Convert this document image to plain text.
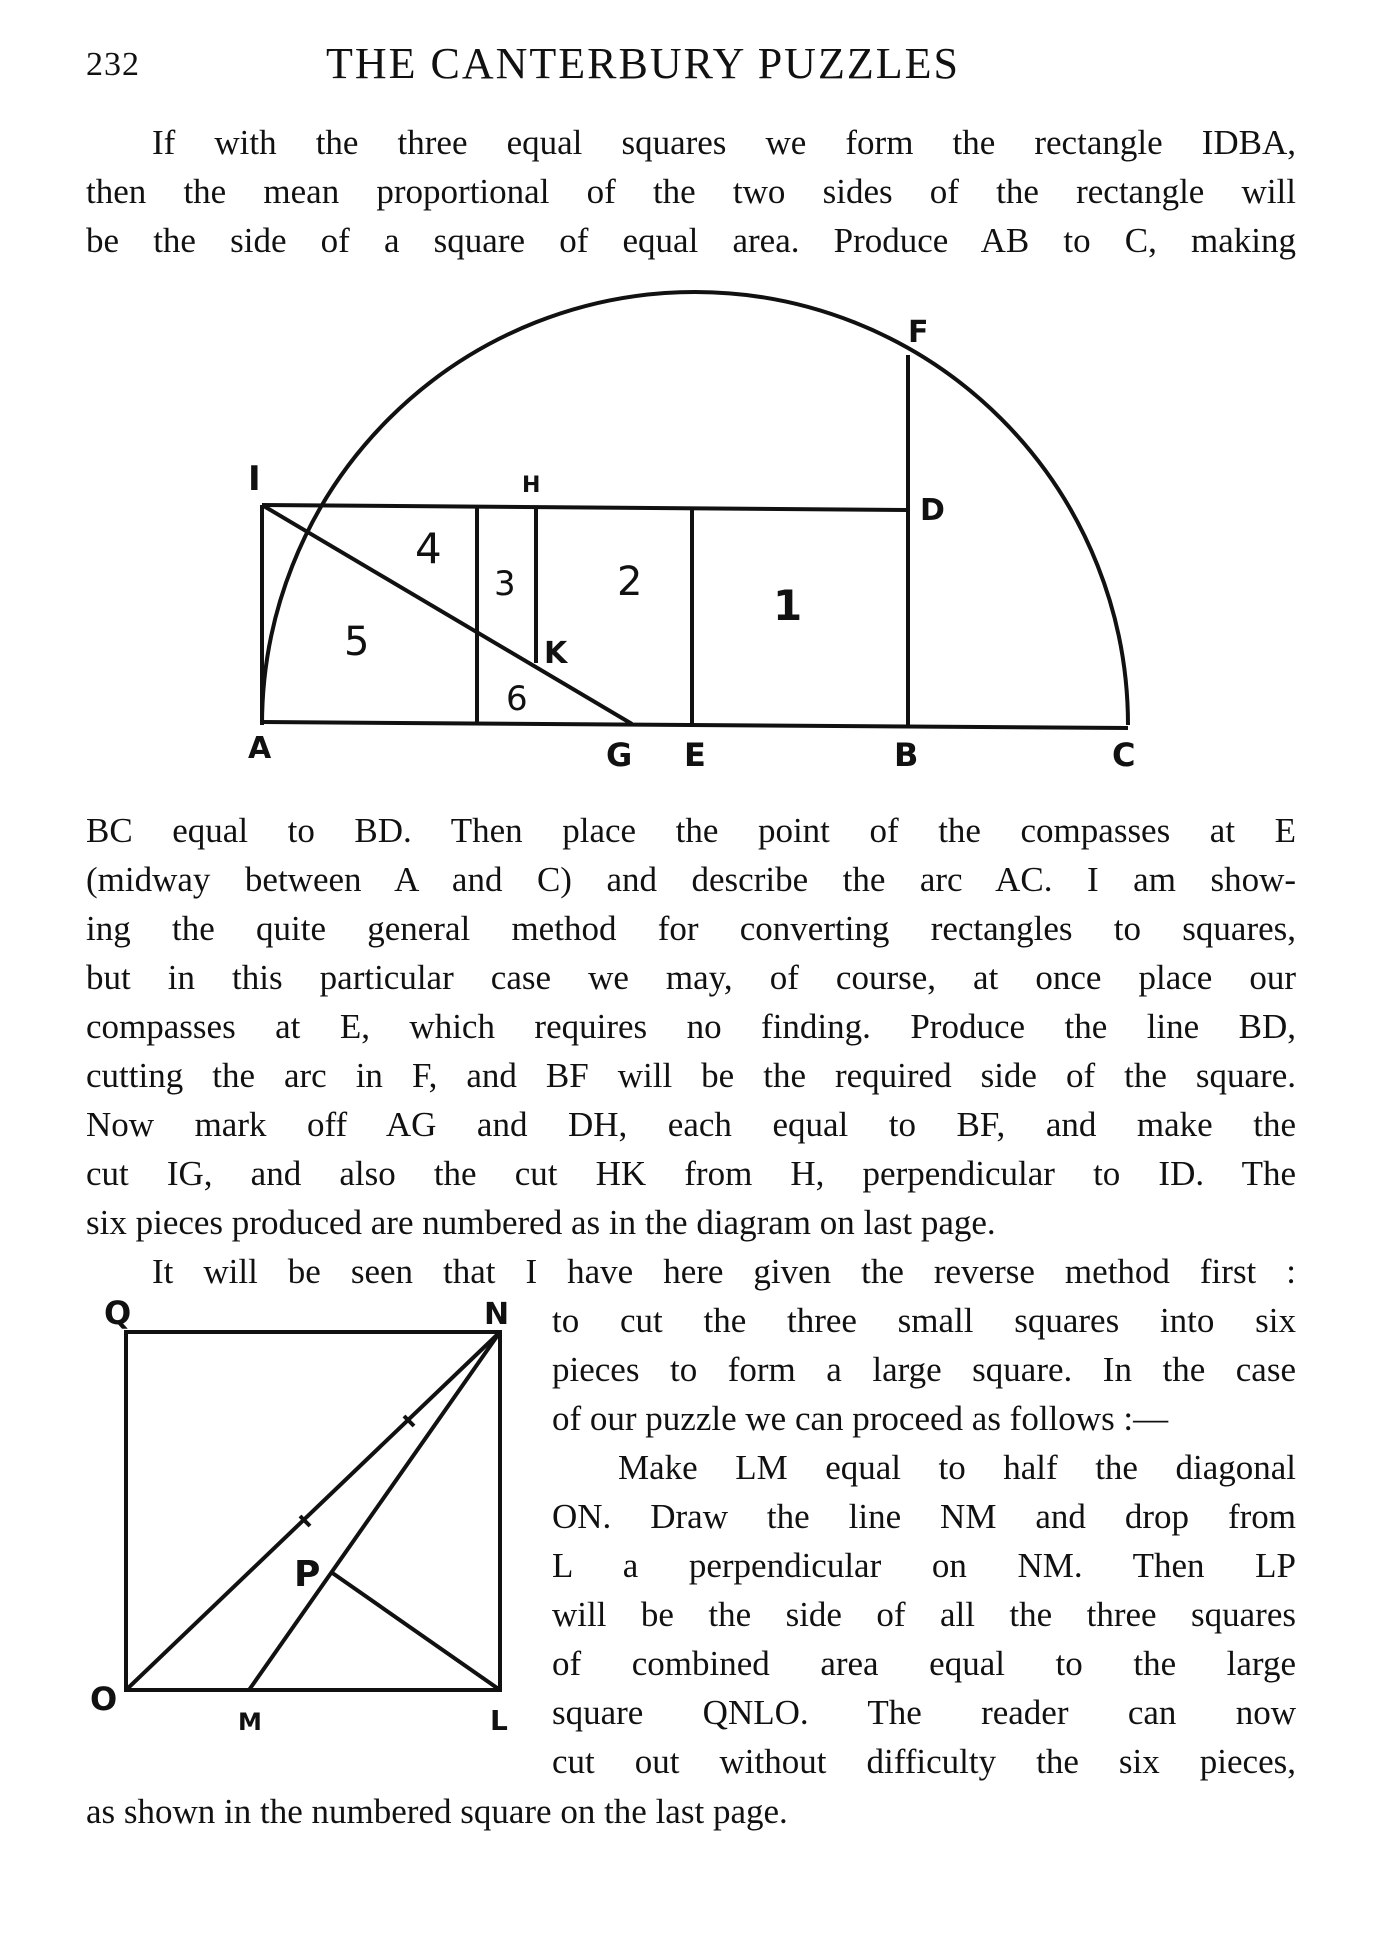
232	THE CANTERBURY PUZZLES
If with the three equal squares we form the rectangle IDBA,
then the mean proportional of the two sides of the rectangle will
be the side of a square of equal area. Produce AB to C, making
I	H
F
D
K
A	G E	B	C
1
2
3
4
5
6
BC equal to BD. Then place the point of the compasses at E
(midway between A and C) and describe the arc AC. I am show-
ing the quite general method for converting rectangles to squares,
but in this particular case we may, of course, at once place our
compasses at E, which requires no finding. Produce the line BD,
cutting the arc in F, and BF will be the required side of the square.
Now mark off AG and DH, each equal to BF, and make the
cut IG, and also the cut HK from H, perpendicular to ID. The
six pieces produced are numbered as in the diagram on last page.
It will be seen that I have here given the reverse method first :
Q	N
P
O
M	L
to cut the three small squares into six
pieces to form a large square. In the case
of our puzzle we can proceed as follows :—
Make LM equal to half the diagonal
ON. Draw the line NM and drop from
L a perpendicular on NM. Then LP
will be the side of all the three squares
of combined area equal to the large
square QNLO. The reader can now
cut out without difficulty the six pieces,
as shown in the numbered square on the last page.
